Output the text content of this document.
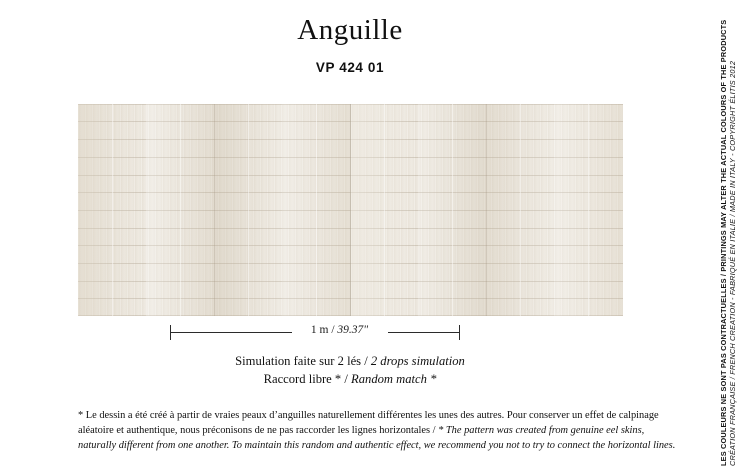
Anguille
VP 424 01
1 m / 39.37"
Simulation faite sur 2 lés / 2 drops simulation
Raccord libre * / Random match *
* Le dessin a été créé à partir de vraies peaux d’anguilles naturellement différentes les unes des autres. Pour conserver un effet de calpinage aléatoire et authentique, nous préconisons de ne pas raccorder les lignes horizontales / * The pattern was created from genuine eel skins, naturally different from one another. To maintain this random and authentic effect, we recommend you not to try to connect the horizontal lines.	LES COULEURS NE SONT PAS CONTRACTUELLES / PRINTINGS MAY ALTER THE ACTUAL COLOURS OF THE PRODUCTS CRÉATION FRANÇAISE / FRENCH CREATION - FABRIQUÉ EN ITALIE / MADE IN ITALY - COPYRIGHT ÉLITIS 2012
